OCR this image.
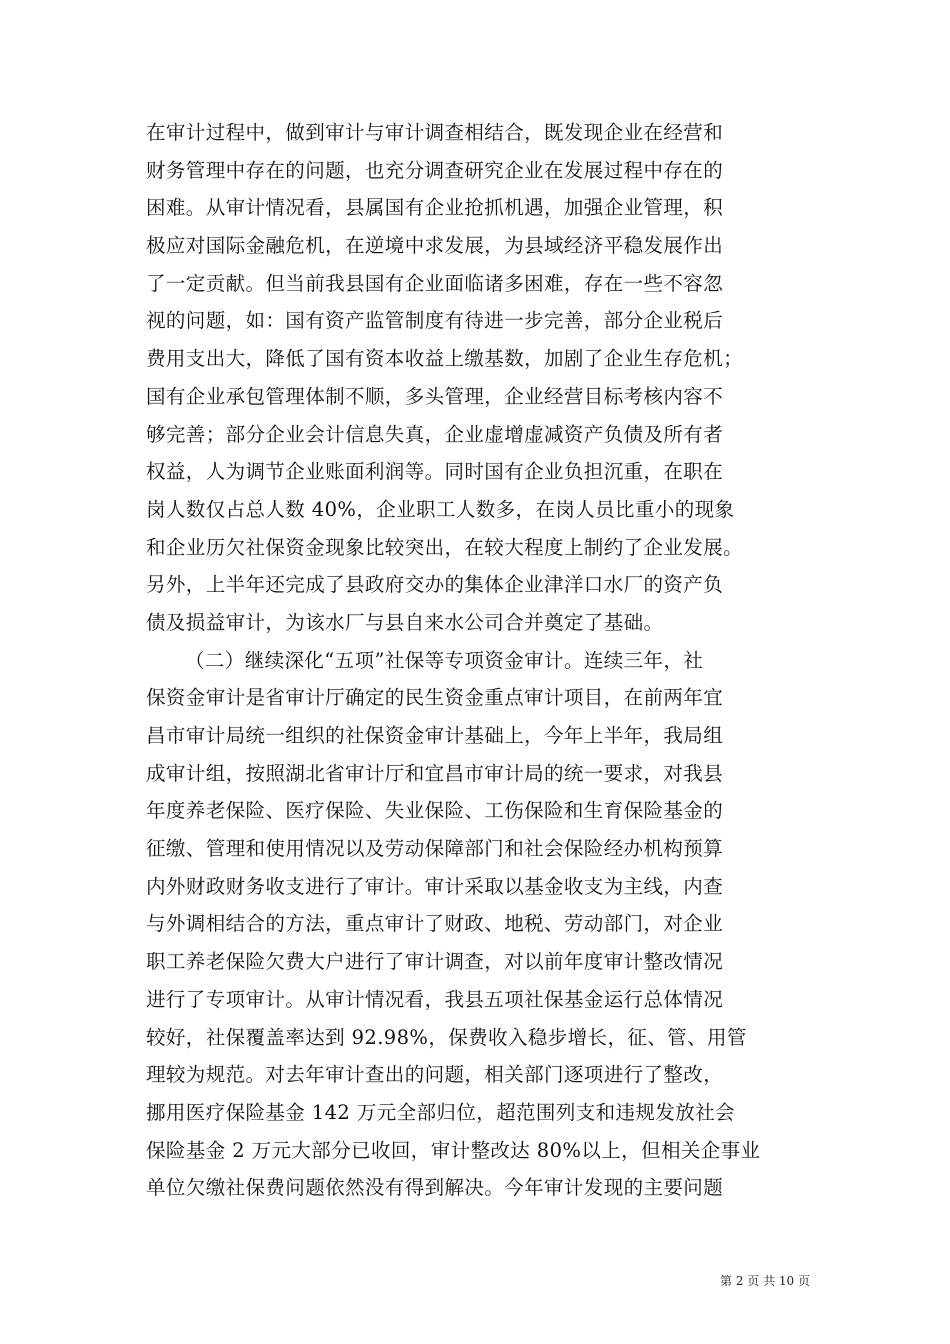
在审计过程中，做到审计与审计调查相结合，既发现企业在经营和
财务管理中存在的问题，也充分调查研究企业在发展过程中存在的
困难。从审计情况看，县属国有企业抢抓机遇，加强企业管理，积
极应对国际金融危机，在逆境中求发展，为县域经济平稳发展作出
了一定贡献。但当前我县国有企业面临诸多困难，存在一些不容忽
视的问题，如：国有资产监管制度有待进一步完善，部分企业税后
费用支出大，降低了国有资本收益上缴基数，加剧了企业生存危机；
国有企业承包管理体制不顺，多头管理，企业经营目标考核内容不
够完善；部分企业会计信息失真，企业虚增虚减资产负债及所有者
权益，人为调节企业账面利润等。同时国有企业负担沉重，在职在
岗人数仅占总人数 40%，企业职工人数多，在岗人员比重小的现象
和企业历欠社保资金现象比较突出，在较大程度上制约了企业发展。
另外，上半年还完成了县政府交办的集体企业津洋口水厂的资产负
债及损益审计，为该水厂与县自来水公司合并奠定了基础。
（二）继续深化“五项”社保等专项资金审计。连续三年，社
保资金审计是省审计厅确定的民生资金重点审计项目，在前两年宜
昌市审计局统一组织的社保资金审计基础上，今年上半年，我局组
成审计组，按照湖北省审计厅和宜昌市审计局的统一要求，对我县
年度养老保险、医疗保险、失业保险、工伤保险和生育保险基金的
征缴、管理和使用情况以及劳动保障部门和社会保险经办机构预算
内外财政财务收支进行了审计。审计采取以基金收支为主线，内查
与外调相结合的方法，重点审计了财政、地税、劳动部门，对企业
职工养老保险欠费大户进行了审计调查，对以前年度审计整改情况
进行了专项审计。从审计情况看，我县五项社保基金运行总体情况
较好，社保覆盖率达到 92.98%，保费收入稳步增长，征、管、用管
理较为规范。对去年审计查出的问题，相关部门逐项进行了整改，
挪用医疗保险基金 142 万元全部归位，超范围列支和违规发放社会
保险基金 2 万元大部分已收回，审计整改达 80%以上，但相关企事业
单位欠缴社保费问题依然没有得到解决。今年审计发现的主要问题
第 2 页 共 10 页
